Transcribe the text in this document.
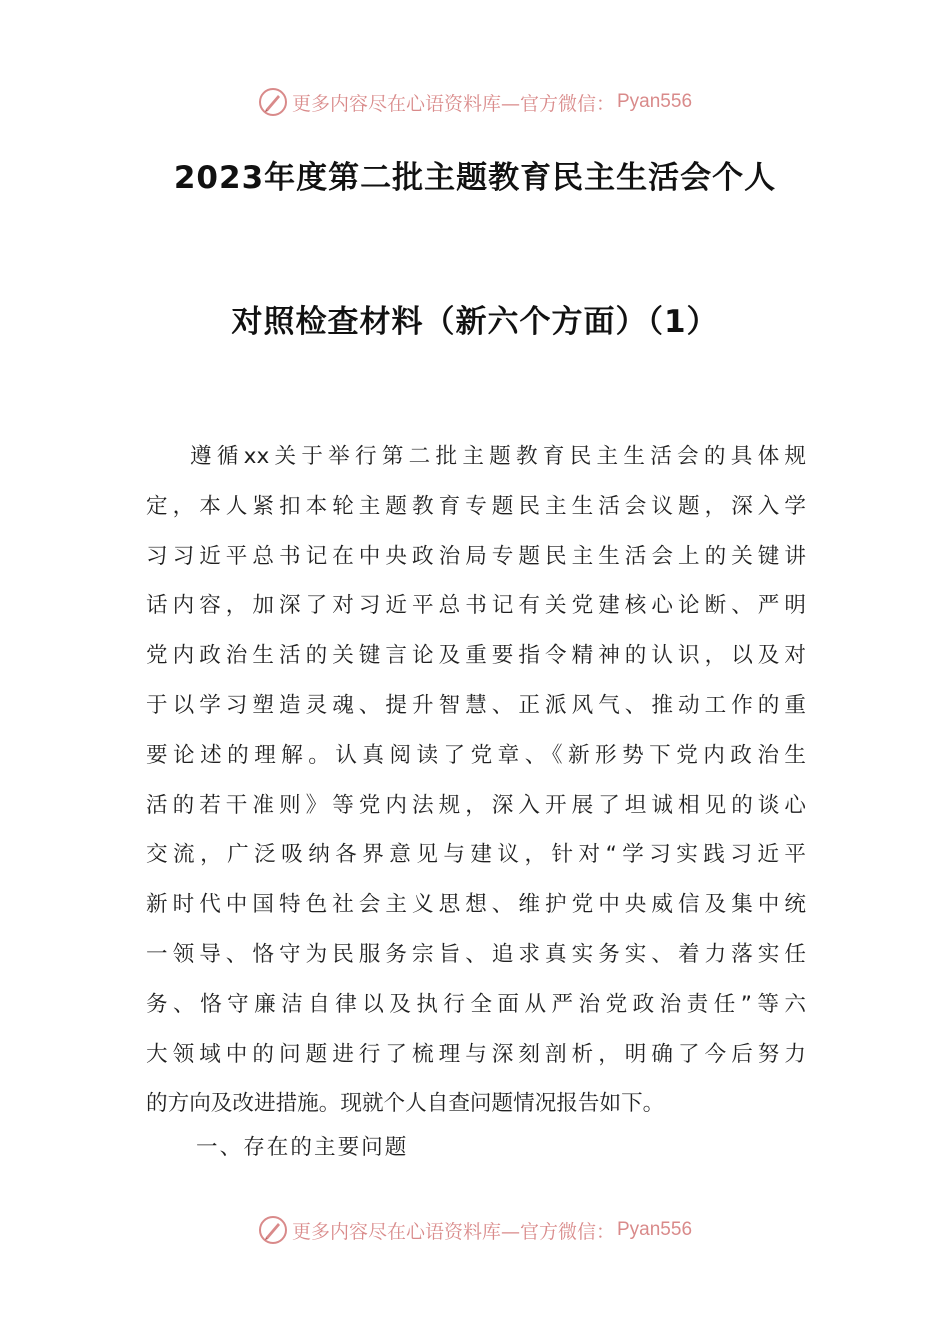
更多内容尽在心语资料库—官方微信： Pyan556
2023年度第二批主题教育民主生活会个人
对照检查材料（新六个方面）（1）
遵循xx关于举行第二批主题教育民主生活会的具体规
定，本人紧扣本轮主题教育专题民主生活会议题，深入学
习习近平总书记在中央政治局专题民主生活会上的关键讲
话内容，加深了对习近平总书记有关党建核心论断、严明
党内政治生活的关键言论及重要指令精神的认识，以及对
于以学习塑造灵魂、提升智慧、正派风气、推动工作的重
要论述的理解。认真阅读了党章、《新形势下党内政治生
活的若干准则》等党内法规，深入开展了坦诚相见的谈心
交流，广泛吸纳各界意见与建议，针对“学习实践习近平
新时代中国特色社会主义思想、维护党中央威信及集中统
一领导、恪守为民服务宗旨、追求真实务实、着力落实任
务、恪守廉洁自律以及执行全面从严治党政治责任”等六
大领域中的问题进行了梳理与深刻剖析，明确了今后努力
的方向及改进措施。现就个人自查问题情况报告如下。
一、存在的主要问题
更多内容尽在心语资料库—官方微信： Pyan556
